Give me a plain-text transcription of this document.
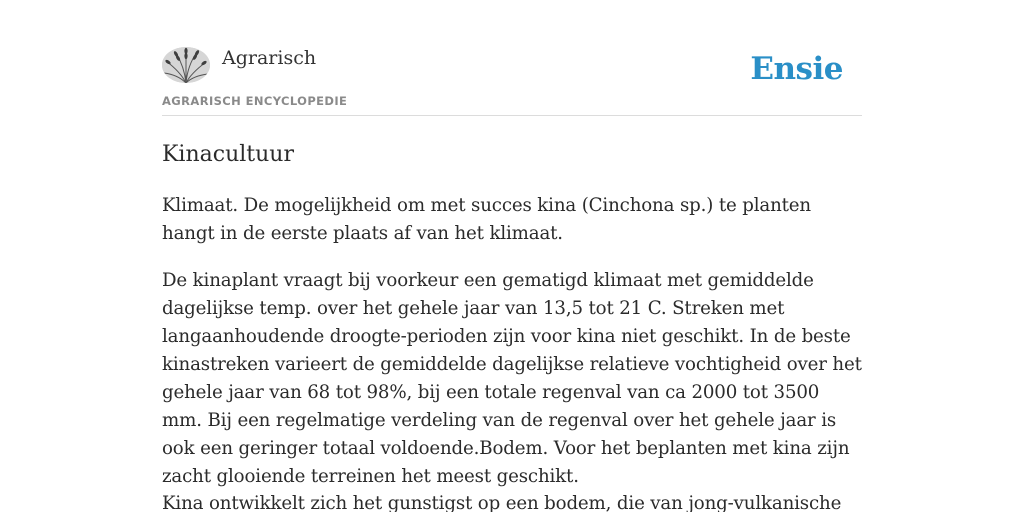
Agrarisch
AGRARISCH ENCYCLOPEDIE
Ensie
Kinacultuur

Klimaat. De mogelijkheid om met succes kina (Cinchona sp.) te planten hangt in de eerste plaats af van het klimaat.

De kinaplant vraagt bij voorkeur een gematigd klimaat met gemiddelde dagelijkse temp. over het gehele jaar van 13,5 tot 21 C. Streken met langaanhoudende droogte-perioden zijn voor kina niet geschikt. In de beste kinastreken varieert de gemiddelde dagelijkse relatieve vochtigheid over het gehele jaar van 68 tot 98%, bij een totale regenval van ca 2000 tot 3500 mm. Bij een regelmatige verdeling van de regenval over het gehele jaar is ook een geringer totaal voldoende.Bodem. Voor het beplanten met kina zijn zacht glooiende terreinen het meest geschikt.

Kina ontwikkelt zich het gunstigst op een bodem, die van jong-vulkanische
